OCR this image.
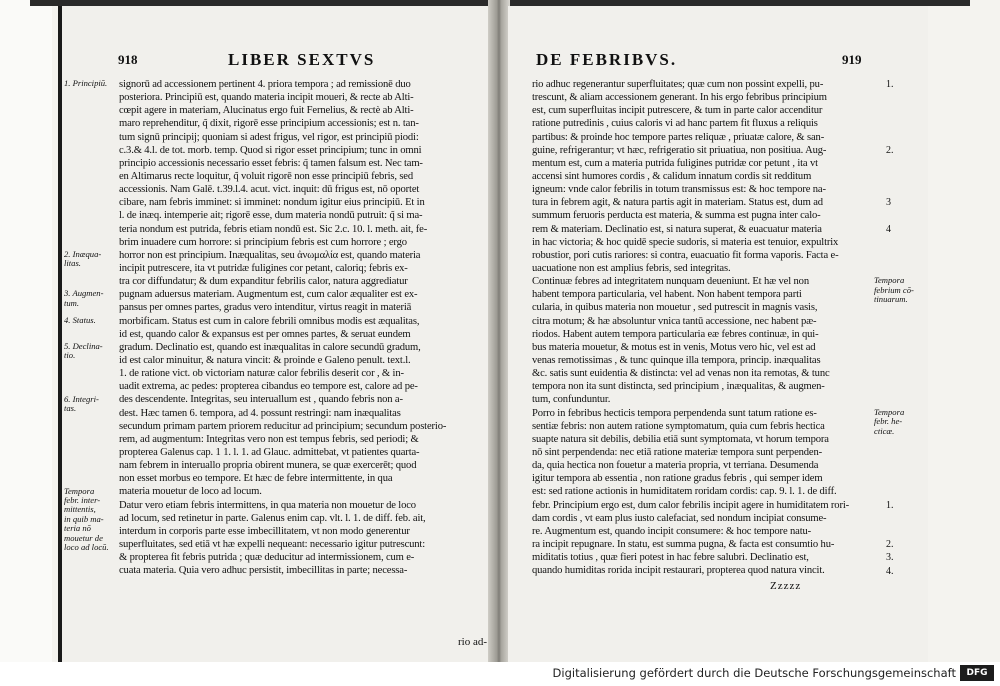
918	LIBER SEXTVS
signorū ad accessionem pertinent 4. priora tempora ; ad remissionē duo
posteriora. Principiū est, quando materia incipit moueri, & recte ab Alti-
cœpit agere in materiam, Alucinatus ergo fuit Fernelius, & rectè ab Alti-
maro reprehenditur, q̃ dixit, rigorē esse principium accessionis; est n. tan-
tum signū principij; quoniam si adest frigus, vel rigor, est principiū piodi:
c.3.& 4.l. de tot. morb. temp. Quod si rigor esset principium; tunc in omni
principio accessionis necessario esset febris: q̃ tamen falsum est. Nec tam-
en Altimarus recte loquitur, q̃ voluit rigorē non esse principiū febris, sed
accessionis. Nam Galē. t.39.l.4. acut. vict. inquit: dū frigus est, nō oportet
cibare, nam febris imminet: si imminet: nondum igitur eius principiū. Et in
l. de inæq. intemperie ait; rigorē esse, dum materia nondū putruit: q̃ si ma-
teria nondum est putrida, febris etiam nondū est. Sic 2.c. 10. l. meth. ait, fe-
brim inuadere cum horrore: si principium febris est cum horrore ; ergo
horror non est principium. Inæqualitas, seu ἀνωμαλία est, quando materia
incipit putrescere, ita vt putridæ fuligines cor petant, caloriq; febris ex-
tra cor diffundatur; & dum expanditur febrilis calor, natura aggrediatur
pugnam aduersus materiam. Augmentum est, cum calor æqualiter est ex-
pansus per omnes partes, gradus vero intenditur, virtus reagit in materiā
morbificam. Status est cum in calore febrili omnibus modis est æqualitas,
id est, quando calor & expansus est per omnes partes, & seruat eundem
gradum. Declinatio est, quando est inæqualitas in calore secundū gradum,
id est calor minuitur, & natura vincit: & proinde e Galeno penult. text.l.
1. de ratione vict. ob victoriam naturæ calor febrilis deserit cor , & in-
uadit extrema, ac pedes: propterea cibandus eo tempore est, calore ad pe-
des descendente. Integritas, seu interuallum est , quando febris non a-
dest. Hæc tamen 6. tempora, ad 4. possunt restringi: nam inæqualitas
secundum primam partem priorem reducitur ad principium; secundum posterio-
rem, ad augmentum: Integritas vero non est tempus febris, sed periodi; &
propterea Galenus cap. 1 1. l. 1. ad Glauc. admittebat, vt patientes quarta-
nam febrem in interuallo propria obirent munera, se quæ exercerēt; quod
non esset morbus eo tempore. Et hæc de febre intermittente, in qua
materia mouetur de loco ad locum.
Datur vero etiam febris intermittens, in qua materia non mouetur de loco
ad locum, sed retinetur in parte. Galenus enim cap. vlt. l. 1. de diff. feb. ait,
interdum in corporis parte esse imbecillitatem, vt non modo generentur
superfluitates, sed etiā vt hæ expelli nequeant: necessario igitur putrescunt:
& propterea fit febris putrida ; quæ deducitur ad intermissionem, cum e-
cuata materia. Quia vero adhuc persistit, imbecillitas in parte; necessa-
1. Principiū.
2. Inæqua-
litas.
3. Augmen-
tum.
4. Status.
5. Declina-
tio.
6. Integri-
tas.
Tempora
febr. inter-
mittentis,
in quib ma-
teria nō
mouetur de
loco ad locū.
rio ad-
DE FEBRIBVS.	919
rio adhuc regenerantur superfluitates; quæ cum non possint expelli, pu-
trescunt, & aliam accessionem generant. In his ergo febribus principium
est, cum superfluitas incipit putrescere, & tum in parte calor accenditur
ratione putredinis , cuius caloris vi ad hanc partem fit fluxus a reliquis
partibus: & proinde hoc tempore partes reliquæ , priuatæ calore, & san-
guine, refrigerantur; vt hæc, refrigeratio sit priuatiua, non positiua. Aug-
mentum est, cum a materia putrida fuligines putridæ cor petunt , ita vt
accensi sint humores cordis , & calidum innatum cordis sit redditum
igneum: vnde calor febrilis in totum transmissus est: & hoc tempore na-
tura in febrem agit, & natura partis agit in materiam. Status est, dum ad
summum feruoris perducta est materia, & summa est pugna inter calo-
rem & materiam. Declinatio est, si natura superat, & euacuatur materia
in hac victoria; & hoc quidē specie sudoris, si materia est tenuior, expultrix
robustior, pori cutis rariores: si contra, euacuatio fit forma vaporis. Facta e-
uacuatione non est amplius febris, sed integritas.
Continuæ febres ad integritatem nunquam deueniunt. Et hæ vel non
habent tempora particularia, vel habent. Non habent tempora parti
cularia, in quibus materia non mouetur , sed putrescit in magnis vasis,
citra motum; & hæ absoluntur vnica tantū accessione, nec habent pæ-
riodos. Habent autem tempora particularia eæ febres continuæ, in qui-
bus materia mouetur, & motus est in venis, Motus vero hic, vel est ad
venas remotissimas , & tunc quinque illa tempora, princip. inæqualitas
&c. satis sunt euidentia & distincta: vel ad venas non ita remotas, & tunc
tempora non ita sunt distincta, sed principium , inæqualitas, & augmen-
tum, confunduntur.
Porro in febribus hecticis tempora perpendenda sunt tatum ratione es-
sentiæ febris: non autem ratione symptomatum, quia cum febris hectica
suapte natura sit debilis, debilia etiā sunt symptomata, vt horum tempora
nō sint perpendenda: nec etiā ratione materiæ tempora sunt perpenden-
da, quia hectica non fouetur a materia propria, vt terriana. Desumenda
igitur tempora ab essentia , non ratione gradus febris , qui semper idem
est: sed ratione actionis in humiditatem roridam cordis: cap. 9. l. 1. de diff.
febr. Principium ergo est, dum calor febrilis incipit agere in humiditatem rori-
dam cordis , vt eam plus iusto calefaciat, sed nondum incipiat consume-
re. Augmentum est, quando incipit consumere: & hoc tempore natu-
ra incipit repugnare. In statu, est summa pugna, & facta est consumtio hu-
miditatis totius , quæ fieri potest in hac febre salubri. Declinatio est,
quando humiditas rorida incipit restaurari, propterea quod natura vincit.
Tempora
febrium cō-
tinuarum.
Tempora
febr. he-
cticæ.
1.
2.
3
4
1.
2.
3.
4.
Zzzzz
Digitalisierung gefördert durch die Deutsche Forschungsgemeinschaft	DFG
